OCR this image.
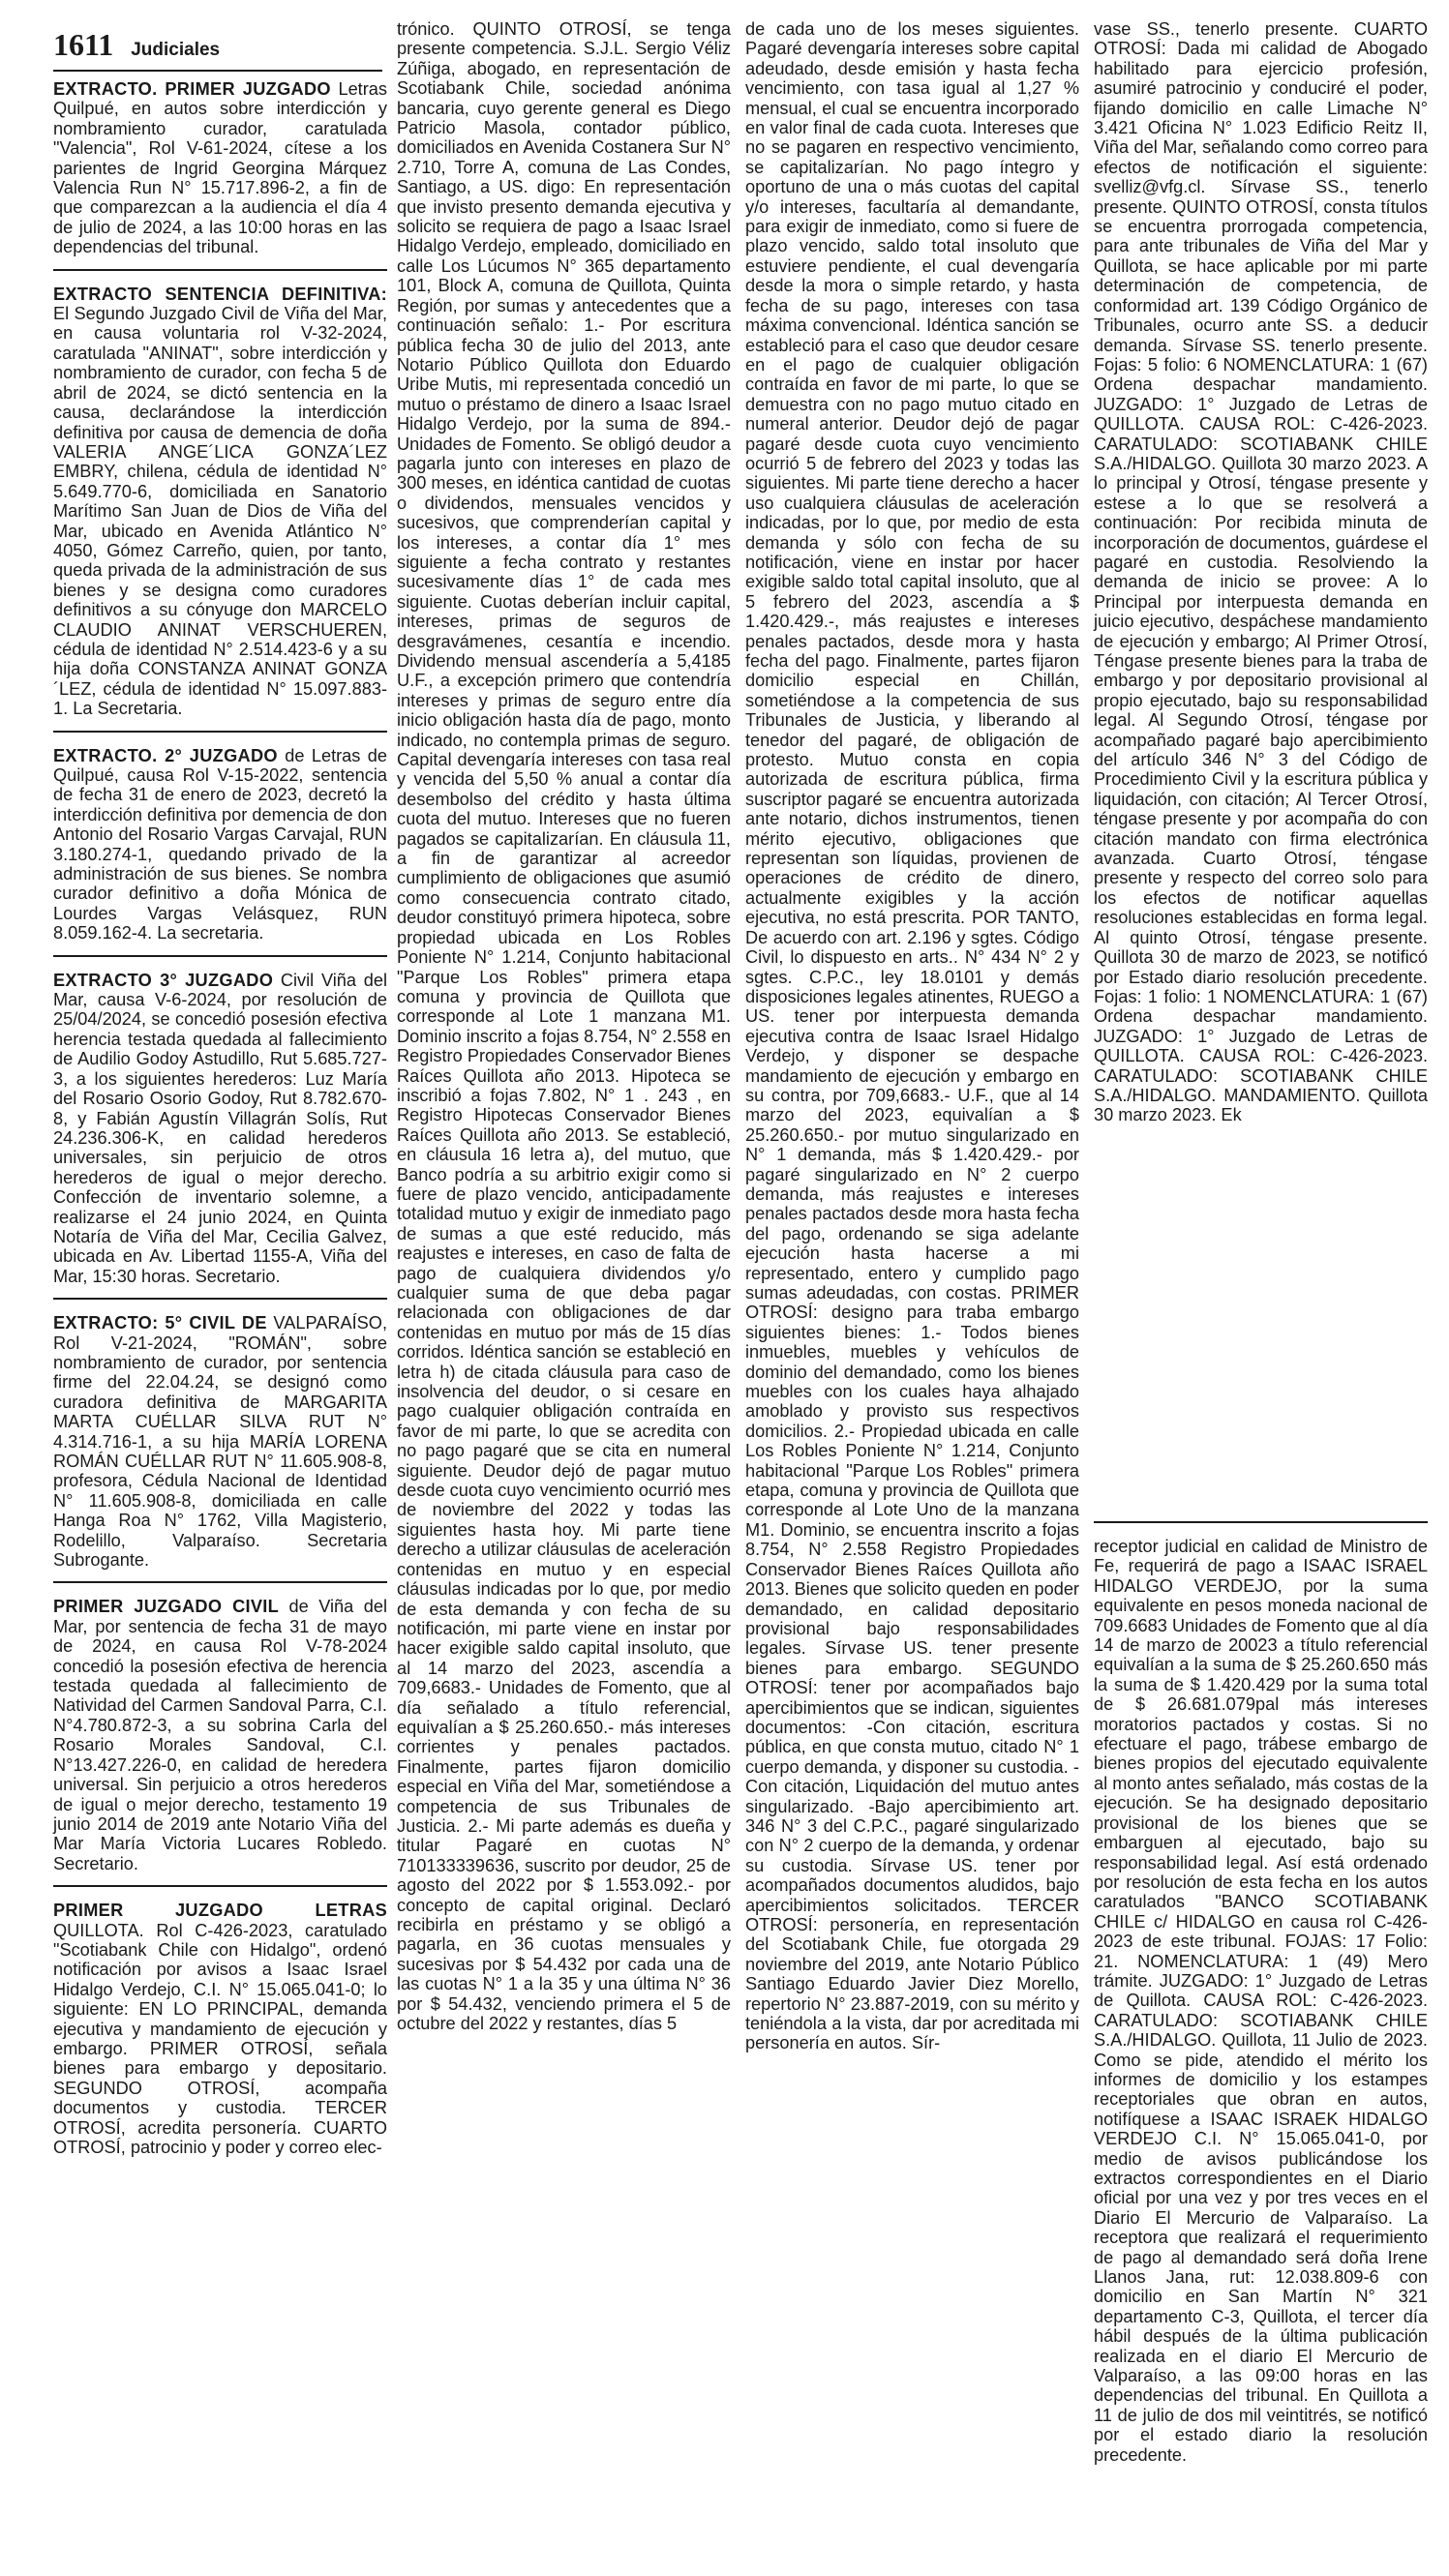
1611 Judiciales

EXTRACTO. PRIMER JUZGADO Letras Quilpué, en autos sobre interdicción y nombramiento curador, caratulada "Valencia", Rol V-61-2024, cítese a los parientes de Ingrid Georgina Márquez Valencia Run N° 15.717.896-2, a fin de que comparezcan a la audiencia el día 4 de julio de 2024, a las 10:00 horas en las dependencias del tribunal.

EXTRACTO SENTENCIA DEFINITIVA: El Segundo Juzgado Civil de Viña del Mar, en causa voluntaria rol V-32-2024, caratulada "ANINAT", sobre interdicción y nombramiento de curador, con fecha 5 de abril de 2024, se dictó sentencia en la causa, declarándose la interdicción definitiva por causa de demencia de doña VALERIA ANGE´LICA GONZA´LEZ EMBRY, chilena, cédula de identidad N° 5.649.770-6, domiciliada en Sanatorio Marítimo San Juan de Dios de Viña del Mar, ubicado en Avenida Atlántico N° 4050, Gómez Carreño, quien, por tanto, queda privada de la administración de sus bienes y se designa como curadores definitivos a su cónyuge don MARCELO CLAUDIO ANINAT VERSCHUEREN, cédula de identidad N° 2.514.423-6 y a su hija doña CONSTANZA ANINAT GONZA´LEZ, cédula de identidad N° 15.097.883-1. La Secretaria.

EXTRACTO. 2° JUZGADO de Letras de Quilpué, causa Rol V-15-2022, sentencia de fecha 31 de enero de 2023, decretó la interdicción definitiva por demencia de don Antonio del Rosario Vargas Carvajal, RUN 3.180.274-1, quedando privado de la administración de sus bienes. Se nombra curador definitivo a doña Mónica de Lourdes Vargas Velásquez, RUN 8.059.162-4. La secretaria.

EXTRACTO 3° JUZGADO Civil Viña del Mar, causa V-6-2024, por resolución de 25/04/2024, se concedió posesión efectiva herencia testada quedada al fallecimiento de Audilio Godoy Astudillo, Rut 5.685.727-3, a los siguientes herederos: Luz María del Rosario Osorio Godoy, Rut 8.782.670-8, y Fabián Agustín Villagrán Solís, Rut 24.236.306-K, en calidad herederos universales, sin perjuicio de otros herederos de igual o mejor derecho. Confección de inventario solemne, a realizarse el 24 junio 2024, en Quinta Notaría de Viña del Mar, Cecilia Galvez, ubicada en Av. Libertad 1155-A, Viña del Mar, 15:30 horas. Secretario.

EXTRACTO: 5° CIVIL DE VALPARAÍSO, Rol V-21-2024, "ROMÁN", sobre nombramiento de curador, por sentencia firme del 22.04.24, se designó como curadora definitiva de MARGARITA MARTA CUÉLLAR SILVA RUT N° 4.314.716-1, a su hija MARÍA LORENA ROMÁN CUÉLLAR RUT N° 11.605.908-8, profesora, Cédula Nacional de Identidad N° 11.605.908-8, domiciliada en calle Hanga Roa N° 1762, Villa Magisterio, Rodelillo, Valparaíso. Secretaria Subrogante.

PRIMER JUZGADO CIVIL de Viña del Mar, por sentencia de fecha 31 de mayo de 2024, en causa Rol V-78-2024 concedió la posesión efectiva de herencia testada quedada al fallecimiento de Natividad del Carmen Sandoval Parra, C.I. N°4.780.872-3, a su sobrina Carla del Rosario Morales Sandoval, C.I. N°13.427.226-0, en calidad de heredera universal. Sin perjuicio a otros herederos de igual o mejor derecho, testamento 19 junio 2014 de 2019 ante Notario Viña del Mar María Victoria Lucares Robledo. Secretario.

PRIMER JUZGADO LETRAS QUILLOTA. Rol C-426-2023, caratulado "Scotiabank Chile con Hidalgo", ordenó notificación por avisos a Isaac Israel Hidalgo Verdejo, C.I. N° 15.065.041-0; lo siguiente: EN LO PRINCIPAL, demanda ejecutiva y mandamiento de ejecución y embargo. PRIMER OTROSÍ, señala bienes para embargo y depositario. SEGUNDO OTROSÍ, acompaña documentos y custodia. TERCER OTROSÍ, acredita personería. CUARTO OTROSÍ, patrocinio y poder y correo elec-

trónico. QUINTO OTROSÍ, se tenga presente competencia. S.J.L. Sergio Véliz Zúñiga, abogado, en representación de Scotiabank Chile, sociedad anónima bancaria, cuyo gerente general es Diego Patricio Masola, contador público, domiciliados en Avenida Costanera Sur N° 2.710, Torre A, comuna de Las Condes, Santiago, a US. digo: En representación que invisto presento demanda ejecutiva y solicito se requiera de pago a Isaac Israel Hidalgo Verdejo, empleado, domiciliado en calle Los Lúcumos N° 365 departamento 101, Block A, comuna de Quillota, Quinta Región, por sumas y antecedentes que a continuación señalo: 1.- Por escritura pública fecha 30 de julio del 2013, ante Notario Público Quillota don Eduardo Uribe Mutis, mi representada concedió un mutuo o préstamo de dinero a Isaac Israel Hidalgo Verdejo, por la suma de 894.- Unidades de Fomento. Se obligó deudor a pagarla junto con intereses en plazo de 300 meses, en idéntica cantidad de cuotas o dividendos, mensuales vencidos y sucesivos, que comprenderían capital y los intereses, a contar día 1° mes siguiente a fecha contrato y restantes sucesivamente días 1° de cada mes siguiente. Cuotas deberían incluir capital, intereses, primas de seguros de desgravámenes, cesantía e incendio. Dividendo mensual ascendería a 5,4185 U.F., a excepción primero que contendría intereses y primas de seguro entre día inicio obligación hasta día de pago, monto indicado, no contempla primas de seguro. Capital devengaría intereses con tasa real y vencida del 5,50 % anual a contar día desembolso del crédito y hasta última cuota del mutuo. Intereses que no fueren pagados se capitalizarían. En cláusula 11, a fin de garantizar al acreedor cumplimiento de obligaciones que asumió como consecuencia contrato citado, deudor constituyó primera hipoteca, sobre propiedad ubicada en Los Robles Poniente N° 1.214, Conjunto habitacional "Parque Los Robles" primera etapa comuna y provincia de Quillota que corresponde al Lote 1 manzana M1. Dominio inscrito a fojas 8.754, N° 2.558 en Registro Propiedades Conservador Bienes Raíces Quillota año 2013. Hipoteca se inscribió a fojas 7.802, N° 1 . 243 , en Registro Hipotecas Conservador Bienes Raíces Quillota año 2013. Se estableció, en cláusula 16 letra a), del mutuo, que Banco podría a su arbitrio exigir como si fuere de plazo vencido, anticipadamente totalidad mutuo y exigir de inmediato pago de sumas a que esté reducido, más reajustes e intereses, en caso de falta de pago de cualquiera dividendos y/o cualquier suma de que deba pagar relacionada con obligaciones de dar contenidas en mutuo por más de 15 días corridos. Idéntica sanción se estableció en letra h) de citada cláusula para caso de insolvencia del deudor, o si cesare en pago cualquier obligación contraída en favor de mi parte, lo que se acredita con no pago pagaré que se cita en numeral siguiente. Deudor dejó de pagar mutuo desde cuota cuyo vencimiento ocurrió mes de noviembre del 2022 y todas las siguientes hasta hoy. Mi parte tiene derecho a utilizar cláusulas de aceleración contenidas en mutuo y en especial cláusulas indicadas por lo que, por medio de esta demanda y con fecha de su notificación, mi parte viene en instar por hacer exigible saldo capital insoluto, que al 14 marzo del 2023, ascendía a 709,6683.- Unidades de Fomento, que al día señalado a título referencial, equivalían a $ 25.260.650.- más intereses corrientes y penales pactados. Finalmente, partes fijaron domicilio especial en Viña del Mar, sometiéndose a competencia de sus Tribunales de Justicia. 2.- Mi parte además es dueña y titular Pagaré en cuotas N° 710133339636, suscrito por deudor, 25 de agosto del 2022 por $ 1.553.092.- por concepto de capital original. Declaró recibirla en préstamo y se obligó a pagarla, en 36 cuotas mensuales y sucesivas por $ 54.432 por cada una de las cuotas N° 1 a la 35 y una última N° 36 por $ 54.432, venciendo primera el 5 de octubre del 2022 y restantes, días 5

de cada uno de los meses siguientes. Pagaré devengaría intereses sobre capital adeudado, desde emisión y hasta fecha vencimiento, con tasa igual al 1,27 % mensual, el cual se encuentra incorporado en valor final de cada cuota. Intereses que no se pagaren en respectivo vencimiento, se capitalizarían. No pago íntegro y oportuno de una o más cuotas del capital y/o intereses, facultaría al demandante, para exigir de inmediato, como si fuere de plazo vencido, saldo total insoluto que estuviere pendiente, el cual devengaría desde la mora o simple retardo, y hasta fecha de su pago, intereses con tasa máxima convencional. Idéntica sanción se estableció para el caso que deudor cesare en el pago de cualquier obligación contraída en favor de mi parte, lo que se demuestra con no pago mutuo citado en numeral anterior. Deudor dejó de pagar pagaré desde cuota cuyo vencimiento ocurrió 5 de febrero del 2023 y todas las siguientes. Mi parte tiene derecho a hacer uso cualquiera cláusulas de aceleración indicadas, por lo que, por medio de esta demanda y sólo con fecha de su notificación, viene en instar por hacer exigible saldo total capital insoluto, que al 5 febrero del 2023, ascendía a $ 1.420.429.-, más reajustes e intereses penales pactados, desde mora y hasta fecha del pago. Finalmente, partes fijaron domicilio especial en Chillán, sometiéndose a la competencia de sus Tribunales de Justicia, y liberando al tenedor del pagaré, de obligación de protesto. Mutuo consta en copia autorizada de escritura pública, firma suscriptor pagaré se encuentra autorizada ante notario, dichos instrumentos, tienen mérito ejecutivo, obligaciones que representan son líquidas, provienen de operaciones de crédito de dinero, actualmente exigibles y la acción ejecutiva, no está prescrita. POR TANTO, De acuerdo con art. 2.196 y sgtes. Código Civil, lo dispuesto en arts.. N° 434 N° 2 y sgtes. C.P.C., ley 18.0101 y demás disposiciones legales atinentes, RUEGO a US. tener por interpuesta demanda ejecutiva contra de Isaac Israel Hidalgo Verdejo, y disponer se despache mandamiento de ejecución y embargo en su contra, por 709,6683.- U.F., que al 14 marzo del 2023, equivalían a $ 25.260.650.- por mutuo singularizado en N° 1 demanda, más $ 1.420.429.- por pagaré singularizado en N° 2 cuerpo demanda, más reajustes e intereses penales pactados desde mora hasta fecha del pago, ordenando se siga adelante ejecución hasta hacerse a mi representado, entero y cumplido pago sumas adeudadas, con costas. PRIMER OTROSÍ: designo para traba embargo siguientes bienes: 1.- Todos bienes inmuebles, muebles y vehículos de dominio del demandado, como los bienes muebles con los cuales haya alhajado amoblado y provisto sus respectivos domicilios. 2.- Propiedad ubicada en calle Los Robles Poniente N° 1.214, Conjunto habitacional "Parque Los Robles" primera etapa, comuna y provincia de Quillota que corresponde al Lote Uno de la manzana M1. Dominio, se encuentra inscrito a fojas 8.754, N° 2.558 Registro Propiedades Conservador Bienes Raíces Quillota año 2013. Bienes que solicito queden en poder demandado, en calidad depositario provisional bajo responsabilidades legales. Sírvase US. tener presente bienes para embargo. SEGUNDO OTROSÍ: tener por acompañados bajo apercibimientos que se indican, siguientes documentos: -Con citación, escritura pública, en que consta mutuo, citado N° 1 cuerpo demanda, y disponer su custodia. -Con citación, Liquidación del mutuo antes singularizado. -Bajo apercibimiento art. 346 N° 3 del C.P.C., pagaré singularizado con N° 2 cuerpo de la demanda, y ordenar su custodia. Sírvase US. tener por acompañados documentos aludidos, bajo apercibimientos solicitados. TERCER OTROSÍ: personería, en representación del Scotiabank Chile, fue otorgada 29 noviembre del 2019, ante Notario Público Santiago Eduardo Javier Diez Morello, repertorio N° 23.887-2019, con su mérito y teniéndola a la vista, dar por acreditada mi personería en autos. Sír-

vase SS., tenerlo presente. CUARTO OTROSÍ: Dada mi calidad de Abogado habilitado para ejercicio profesión, asumiré patrocinio y conduciré el poder, fijando domicilio en calle Limache N° 3.421 Oficina N° 1.023 Edificio Reitz II, Viña del Mar, señalando como correo para efectos de notificación el siguiente: svelliz@vfg.cl. Sírvase SS., tenerlo presente. QUINTO OTROSÍ, consta títulos se encuentra prorrogada competencia, para ante tribunales de Viña del Mar y Quillota, se hace aplicable por mi parte determinación de competencia, de conformidad art. 139 Código Orgánico de Tribunales, ocurro ante SS. a deducir demanda. Sírvase SS. tenerlo presente. Fojas: 5 folio: 6 NOMENCLATURA: 1 (67) Ordena despachar mandamiento. JUZGADO: 1° Juzgado de Letras de QUILLOTA. CAUSA ROL: C-426-2023. CARATULADO: SCOTIABANK CHILE S.A./HIDALGO. Quillota 30 marzo 2023. A lo principal y Otrosí, téngase presente y estese a lo que se resolverá a continuación: Por recibida minuta de incorporación de documentos, guárdese el pagaré en custodia. Resolviendo la demanda de inicio se provee: A lo Principal por interpuesta demanda en juicio ejecutivo, despáchese mandamiento de ejecución y embargo; Al Primer Otrosí, Téngase presente bienes para la traba de embargo y por depositario provisional al propio ejecutado, bajo su responsabilidad legal. Al Segundo Otrosí, téngase por acompañado pagaré bajo apercibimiento del artículo 346 N° 3 del Código de Procedimiento Civil y la escritura pública y liquidación, con citación; Al Tercer Otrosí, téngase presente y por acompaña do con citación mandato con firma electrónica avanzada. Cuarto Otrosí, téngase presente y respecto del correo solo para los efectos de notificar aquellas resoluciones establecidas en forma legal. Al quinto Otrosí, téngase presente. Quillota 30 de marzo de 2023, se notificó por Estado diario resolución precedente. Fojas: 1 folio: 1 NOMENCLATURA: 1 (67) Ordena despachar mandamiento. JUZGADO: 1° Juzgado de Letras de QUILLOTA. CAUSA ROL: C-426-2023. CARATULADO: SCOTIABANK CHILE S.A./HIDALGO. MANDAMIENTO. Quillota 30 marzo 2023. Ek

receptor judicial en calidad de Ministro de Fe, requerirá de pago a ISAAC ISRAEL HIDALGO VERDEJO, por la suma equivalente en pesos moneda nacional de 709.6683 Unidades de Fomento que al día 14 de marzo de 20023 a título referencial equivalían a la suma de $ 25.260.650 más la suma de $ 1.420.429 por la suma total de $ 26.681.079pal más intereses moratorios pactados y costas. Si no efectuare el pago, trábese embargo de bienes propios del ejecutado equivalente al monto antes señalado, más costas de la ejecución. Se ha designado depositario provisional de los bienes que se embarguen al ejecutado, bajo su responsabilidad legal. Así está ordenado por resolución de esta fecha en los autos caratulados "BANCO SCOTIABANK CHILE c/ HIDALGO en causa rol C-426-2023 de este tribunal. FOJAS: 17 Folio: 21. NOMENCLATURA: 1 (49) Mero trámite. JUZGADO: 1° Juzgado de Letras de Quillota. CAUSA ROL: C-426-2023. CARATULADO: SCOTIABANK CHILE S.A./HIDALGO. Quillota, 11 Julio de 2023. Como se pide, atendido el mérito los informes de domicilio y los estampes receptoriales que obran en autos, notifíquese a ISAAC ISRAEK HIDALGO VERDEJO C.I. N° 15.065.041-0, por medio de avisos publicándose los extractos correspondientes en el Diario oficial por una vez y por tres veces en el Diario El Mercurio de Valparaíso. La receptora que realizará el requerimiento de pago al demandado será doña Irene Llanos Jana, rut: 12.038.809-6 con domicilio en San Martín N° 321 departamento C-3, Quillota, el tercer día hábil después de la última publicación realizada en el diario El Mercurio de Valparaíso, a las 09:00 horas en las dependencias del tribunal. En Quillota a 11 de julio de dos mil veintitrés, se notificó por el estado diario la resolución precedente.
